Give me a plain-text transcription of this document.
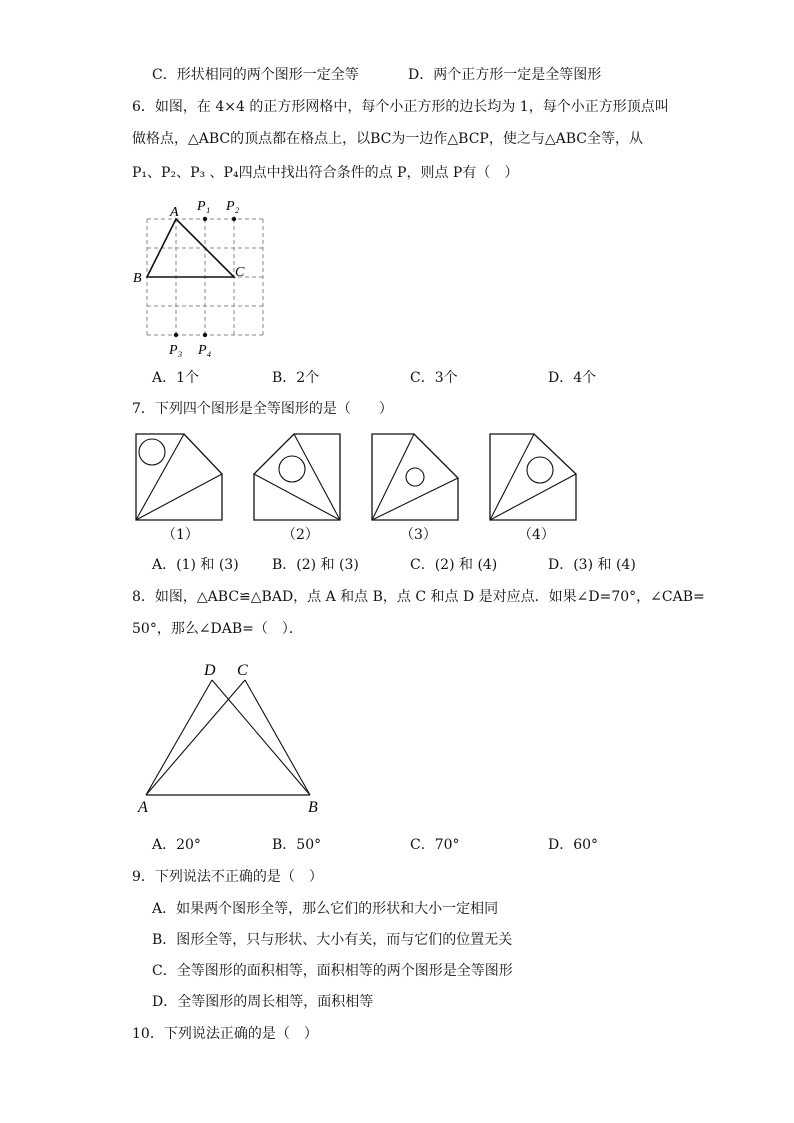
C．形状相同的两个图形一定全等	D．两个正方形一定是全等图形
6．如图，在 4×4 的正方形网格中，每个小正方形的边长均为 1，每个小正方形顶点叫
做格点，△ABC的顶点都在格点上，以BC为一边作△BCP，使之与△ABC全等，从
P₁、P₂、P₃ 、P₄四点中找出符合条件的点 P，则点 P有（　）
A
B	C
P₁ P₂
P₃ P₄
A．1个	B．2个	C．3个	D．4个
7．下列四个图形是全等图形的是（　　）
（1）	（2）	（3）	（4）
A．(1) 和 (3) B．(2) 和 (3)	C．(2) 和 (4)	D．(3) 和 (4)
8．如图，△ABC≌△BAD，点 A 和点 B，点 C 和点 D 是对应点．如果∠D=70°，∠CAB=
50°，那么∠DAB=（　）．
D C
A	B
A．20°	B．50°	C．70°	D．60°
9．下列说法不正确的是（　）
A．如果两个图形全等，那么它们的形状和大小一定相同
B．图形全等，只与形状、大小有关，而与它们的位置无关
C．全等图形的面积相等，面积相等的两个图形是全等图形
D．全等图形的周长相等，面积相等
10．下列说法正确的是（　）
